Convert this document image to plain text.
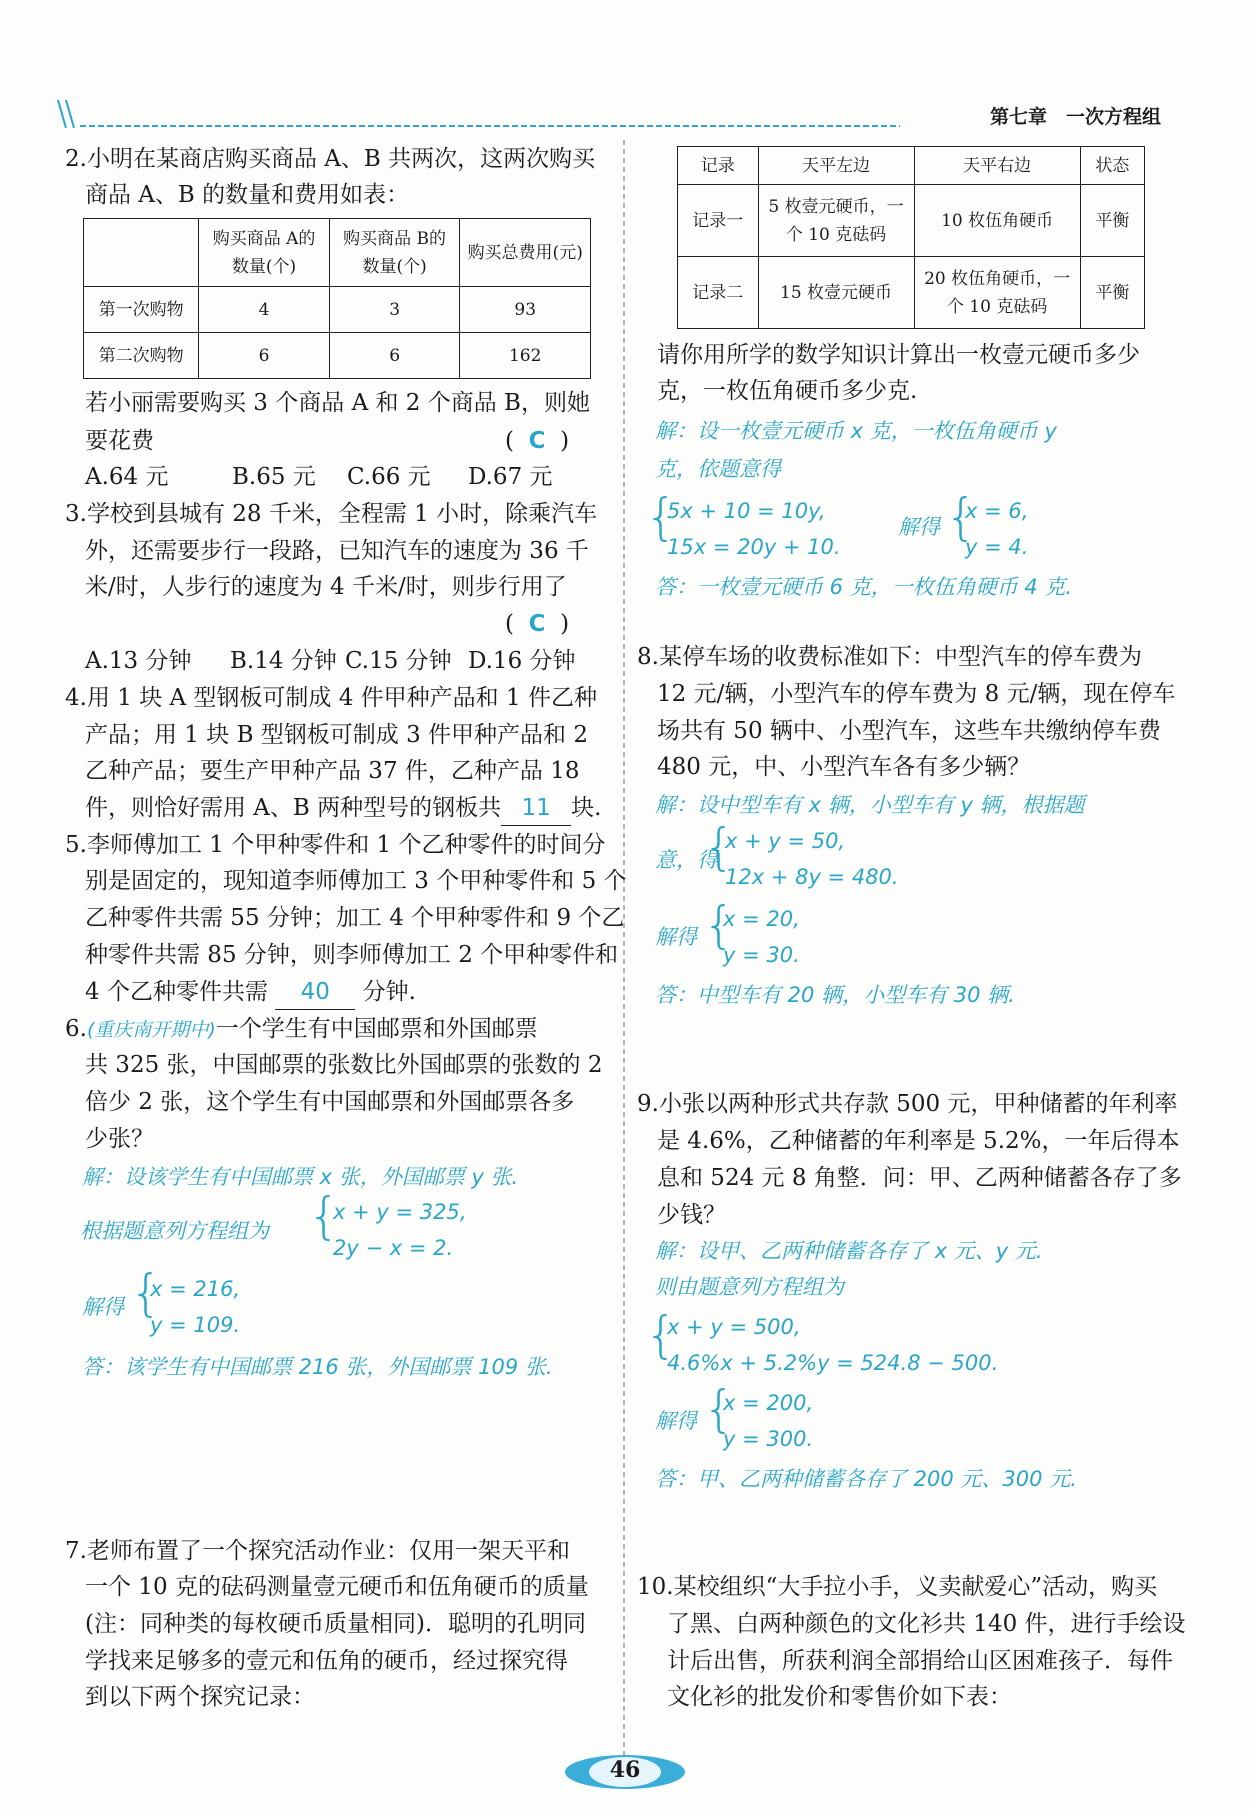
第七章　一次方程组
2.小明在某商店购买商品 A、B 共两次，这两次购买
商品 A、B 的数量和费用如表：
	购买商品 A的数量(个)	购买商品 B的数量(个)	购买总费用(元)
第一次购物	4	3	93
第二次购物	6	6	162
若小丽需要购买 3 个商品 A 和 2 个商品 B，则她
要花费	(  C  )
A.64 元	B.65 元 C.66 元 D.67 元
3.学校到县城有 28 千米，全程需 1 小时，除乘汽车
外，还需要步行一段路，已知汽车的速度为 36 千
米/时，人步行的速度为 4 千米/时，则步行用了
(  C  )
A.13 分钟 B.14 分钟 C.15 分钟 D.16 分钟
4.用 1 块 A 型钢板可制成 4 件甲种产品和 1 件乙种
产品；用 1 块 B 型钢板可制成 3 件甲种产品和 2
乙种产品；要生产甲种产品 37 件，乙种产品 18
件，则恰好需用 A、B 两种型号的钢板共 11 块.
5.李师傅加工 1 个甲种零件和 1 个乙种零件的时间分
别是固定的，现知道李师傅加工 3 个甲种零件和 5 个
乙种零件共需 55 分钟；加工 4 个甲种零件和 9 个乙
种零件共需 85 分钟，则李师傅加工 2 个甲种零件和
4 个乙种零件共需 40 分钟.
6.(重庆南开期中)一个学生有中国邮票和外国邮票
共 325 张，中国邮票的张数比外国邮票的张数的 2
倍少 2 张，这个学生有中国邮票和外国邮票各多
少张？
解：设该学生有中国邮票 x 张，外国邮票 y 张.
根据题意列方程组为 {
x + y = 325,
2y − x = 2.
解得 {
x = 216,
y = 109.
答：该学生有中国邮票 216 张，外国邮票 109 张.
7.老师布置了一个探究活动作业：仅用一架天平和
一个 10 克的砝码测量壹元硬币和伍角硬币的质量
(注：同种类的每枚硬币质量相同)．聪明的孔明同
学找来足够多的壹元和伍角的硬币，经过探究得
到以下两个探究记录：
记录	天平左边	天平右边	状态
记录一	5 枚壹元硬币，一个 10 克砝码	10 枚伍角硬币	平衡
记录二	15 枚壹元硬币	20 枚伍角硬币，一个 10 克砝码	平衡
请你用所学的数学知识计算出一枚壹元硬币多少
克，一枚伍角硬币多少克.
解：设一枚壹元硬币 x 克，一枚伍角硬币 y
克，依题意得
{
5x + 10 = 10y,
15x = 20y + 10.
解得 {
x = 6,
y = 4.
答：一枚壹元硬币 6 克，一枚伍角硬币 4 克.
8.某停车场的收费标准如下：中型汽车的停车费为
12 元/辆，小型汽车的停车费为 8 元/辆，现在停车
场共有 50 辆中、小型汽车，这些车共缴纳停车费
480 元，中、小型汽车各有多少辆？
解：设中型车有 x 辆，小型车有 y 辆，根据题
意，得
{
x + y = 50,
12x + 8y = 480.
解得 {
x = 20,
y = 30.
答：中型车有 20 辆，小型车有 30 辆.
9.小张以两种形式共存款 500 元，甲种储蓄的年利率
是 4.6%，乙种储蓄的年利率是 5.2%，一年后得本
息和 524 元 8 角整．问：甲、乙两种储蓄各存了多
少钱？
解：设甲、乙两种储蓄各存了 x 元、y 元.
则由题意列方程组为
{
x + y = 500,
4.6%x + 5.2%y = 524.8 − 500.
解得 {
x = 200,
y = 300.
答：甲、乙两种储蓄各存了 200 元、300 元.
10.某校组织“大手拉小手，义卖献爱心”活动，购买
了黑、白两种颜色的文化衫共 140 件，进行手绘设
计后出售，所获利润全部捐给山区困难孩子．每件
文化衫的批发价和零售价如下表：
46
